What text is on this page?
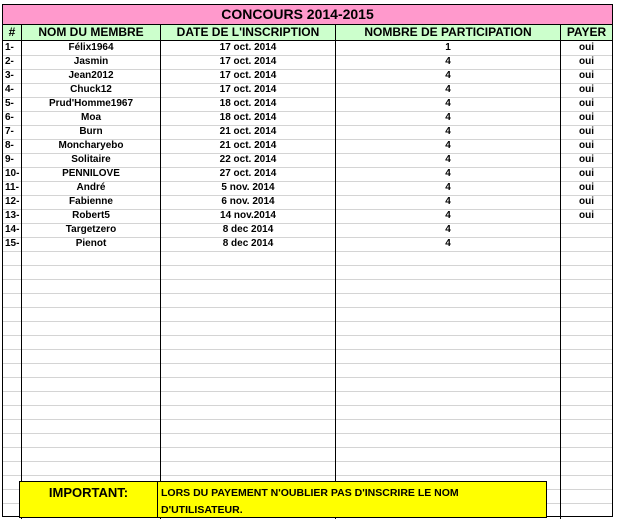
CONCOURS 2014-2015
#	NOM DU MEMBRE	DATE DE L'INSCRIPTION	NOMBRE DE PARTICIPATION	PAYER
1-	Félix1964	17 oct. 2014	1	oui
2-	Jasmin	17 oct. 2014	4	oui
3-	Jean2012	17 oct. 2014	4	oui
4-	Chuck12	17 oct. 2014	4	oui
5-	Prud'Homme1967	18 oct. 2014	4	oui
6-	Moa	18 oct. 2014	4	oui
7-	Burn	21 oct. 2014	4	oui
8-	Moncharyebo	21 oct. 2014	4	oui
9-	Solitaire	22 oct. 2014	4	oui
10-	PENNILOVE	27 oct. 2014	4	oui
11-	André	5 nov. 2014	4	oui
12-	Fabienne	6 nov. 2014	4	oui
13-	Robert5	14 nov.2014	4	oui
14-	Targetzero	8 dec 2014	4
15-	Pienot	8 dec 2014	4
IMPORTANT:	LORS DU PAYEMENT N'OUBLIER PAS D'INSCRIRE LE NOM D'UTILISATEUR.
